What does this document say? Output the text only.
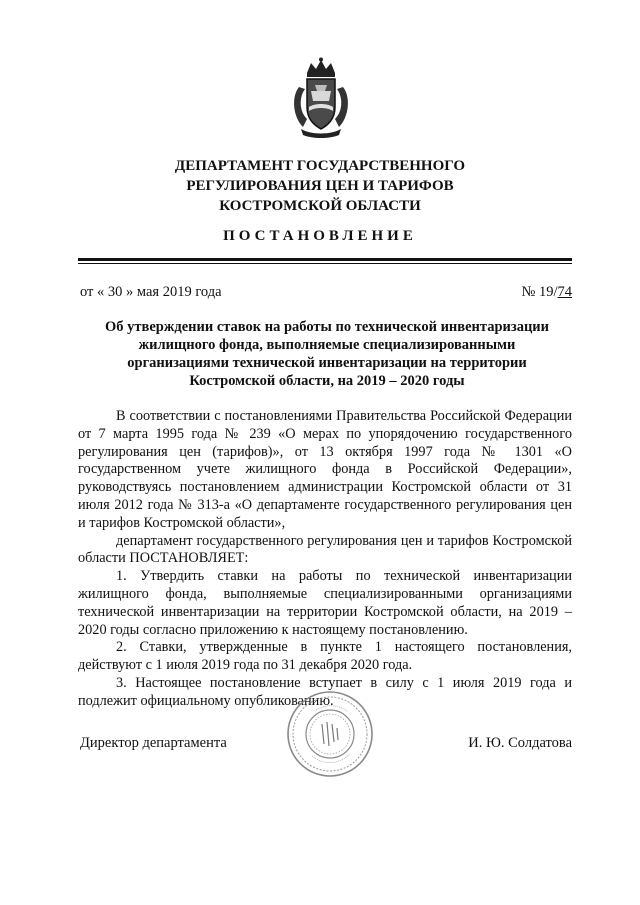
ДЕПАРТАМЕНТ ГОСУДАРСТВЕННОГО
РЕГУЛИРОВАНИЯ ЦЕН И ТАРИФОВ
КОСТРОМСКОЙ ОБЛАСТИ
ПОСТАНОВЛЕНИЕ
от « 30 » мая 2019 года	№ 19/74
Об утверждении ставок на работы по технической инвентаризации
жилищного фонда, выполняемые специализированными
организациями технической инвентаризации на территории
Костромской области, на 2019 – 2020 годы

В соответствии с постановлениями Правительства Российской Федерации от 7 марта 1995 года № 239 «О мерах по упорядочению государственного регулирования цен (тарифов)», от 13 октября 1997 года № 1301 «О государственном учете жилищного фонда в Российской Федерации», руководствуясь постановлением администрации Костромской области от 31 июля 2012 года № 313-а «О департаменте государственного регулирования цен и тарифов Костромской области»,

департамент государственного регулирования цен и тарифов Костромской области ПОСТАНОВЛЯЕТ:

1. Утвердить ставки на работы по технической инвентаризации жилищного фонда, выполняемые специализированными организациями технической инвентаризации на территории Костромской области, на 2019 – 2020 годы согласно приложению к настоящему постановлению.

2. Ставки, утвержденные в пункте 1 настоящего постановления, действуют с 1 июля 2019 года по 31 декабря 2020 года.

3. Настоящее постановление вступает в силу с 1 июля 2019 года и подлежит официальному опубликованию.

Директор департамента	И. Ю. Солдатова
